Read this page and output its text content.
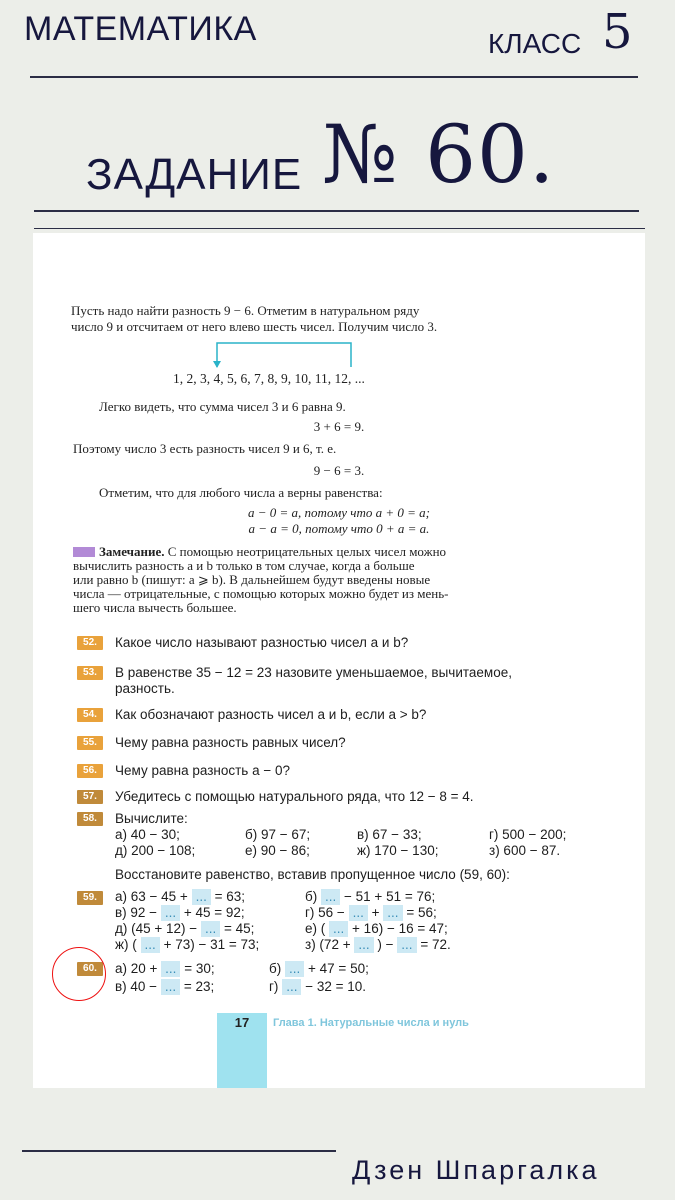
МАТЕМАТИКА	КЛАСС 5
ЗАДАНИЕ № 60.
Пусть надо найти разность 9 − 6. Отметим в натуральном ряду
число 9 и отсчитаем от него влево шесть чисел. Получим число 3.
1, 2, 3, 4, 5, 6, 7, 8, 9, 10, 11, 12, ...
Легко видеть, что сумма чисел 3 и 6 равна 9.
3 + 6 = 9.
Поэтому число 3 есть разность чисел 9 и 6, т. е.
9 − 6 = 3.
Отметим, что для любого числа a верны равенства:
a − 0 = a, потому что a + 0 = a;
a − a = 0, потому что 0 + a = a.
Замечание. С помощью неотрицательных целых чисел можно
вычислить разность a и b только в том случае, когда a больше
или равно b (пишут: a ⩾ b). В дальнейшем будут введены новые
числа — отрицательные, с помощью которых можно будет из мень-
шего числа вычесть большее.
52.	Какое число называют разностью чисел a и b?
53.	В равенстве 35 − 12 = 23 назовите уменьшаемое, вычитаемое,
разность.
54.	Как обозначают разность чисел a и b, если a > b?
55.	Чему равна разность равных чисел?
56.	Чему равна разность a − 0?
57.	Убедитесь с помощью натурального ряда, что 12 − 8 = 4.
58.	Вычислите:
а) 40 − 30;	б) 97 − 67;	в) 67 − 33;	г) 500 − 200;
д) 200 − 108;	е) 90 − 86;	ж) 170 − 130;	з) 600 − 87.
Восстановите равенство, вставив пропущенное число (59, 60):
59.	а) 63 − 45 + ... = 63;	б) ... − 51 + 51 = 76;
в) 92 − ... + 45 = 92;	г) 56 − ... + ... = 56;
д) (45 + 12) − ... = 45;	е) ( ... + 16) − 16 = 47;
ж) ( ... + 73) − 31 = 73;	з) (72 + ... ) − ... = 72.
60.	а) 20 + ... = 30;	б) ... + 47 = 50;
в) 40 − ... = 23;	г) ... − 32 = 10.
17	Глава 1. Натуральные числа и нуль
Дзен Шпаргалка
